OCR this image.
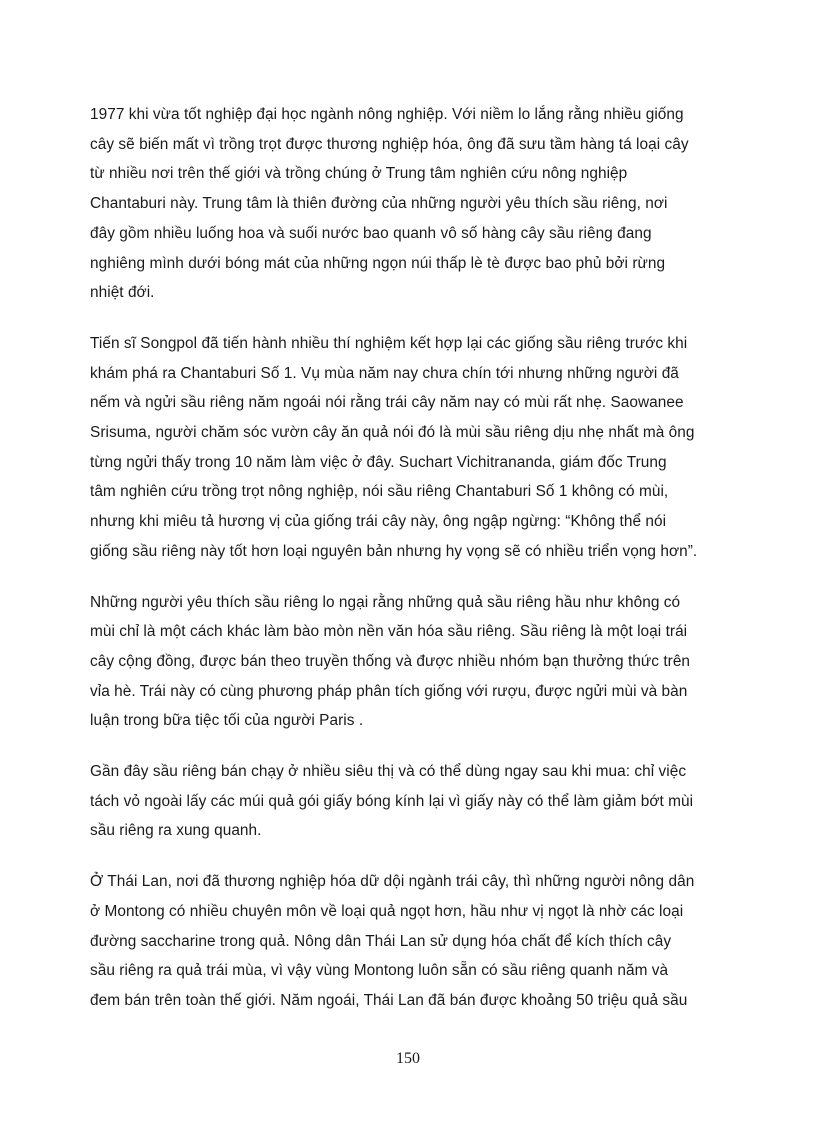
1977 khi vừa tốt nghiệp đại học ngành nông nghiệp. Với niềm lo lắng rằng nhiều giống
cây sẽ biến mất vì trồng trọt được thương nghiệp hóa, ông đã sưu tầm hàng tá loại cây
từ nhiều nơi trên thế giới và trồng chúng ở Trung tâm nghiên cứu nông nghiệp
Chantaburi này. Trung tâm là thiên đường của những người yêu thích sầu riêng, nơi
đây gồm nhiều luống hoa và suối nước bao quanh vô số hàng cây sầu riêng đang
nghiêng mình dưới bóng mát của những ngọn núi thấp lè tè được bao phủ bởi rừng
nhiệt đới.

Tiến sĩ Songpol đã tiến hành nhiều thí nghiệm kết hợp lại các giống sầu riêng trước khi
khám phá ra Chantaburi Số 1. Vụ mùa năm nay chưa chín tới nhưng những người đã
nếm và ngửi sầu riêng năm ngoái nói rằng trái cây năm nay có mùi rất nhẹ. Saowanee
Srisuma, người chăm sóc vườn cây ăn quả nói đó là mùi sầu riêng dịu nhẹ nhất mà ông
từng ngửi thấy trong 10 năm làm việc ở đây. Suchart Vichitrananda, giám đốc Trung
tâm nghiên cứu trồng trọt nông nghiệp, nói sầu riêng Chantaburi Số 1 không có mùi,
nhưng khi miêu tả hương vị của giống trái cây này, ông ngập ngừng: “Không thể nói
giống sầu riêng này tốt hơn loại nguyên bản nhưng hy vọng sẽ có nhiều triển vọng hơn”.

Những người yêu thích sầu riêng lo ngại rằng những quả sầu riêng hầu như không có
mùi chỉ là một cách khác làm bào mòn nền văn hóa sầu riêng. Sầu riêng là một loại trái
cây cộng đồng, được bán theo truyền thống và được nhiều nhóm bạn thưởng thức trên
vỉa hè. Trái này có cùng phương pháp phân tích giống với rượu, được ngửi mùi và bàn
luận trong bữa tiệc tối của người Paris .

Gần đây sầu riêng bán chạy ở nhiều siêu thị và có thể dùng ngay sau khi mua: chỉ việc
tách vỏ ngoài lấy các múi quả gói giấy bóng kính lại vì giấy này có thể làm giảm bớt mùi
sầu riêng ra xung quanh.

Ở Thái Lan, nơi đã thương nghiệp hóa dữ dội ngành trái cây, thì những người nông dân
ở Montong có nhiều chuyên môn về loại quả ngọt hơn, hầu như vị ngọt là nhờ các loại
đường saccharine trong quả. Nông dân Thái Lan sử dụng hóa chất để kích thích cây
sầu riêng ra quả trái mùa, vì vậy vùng Montong luôn sẵn có sầu riêng quanh năm và
đem bán trên toàn thế giới. Năm ngoái, Thái Lan đã bán được khoảng 50 triệu quả sầu

150
